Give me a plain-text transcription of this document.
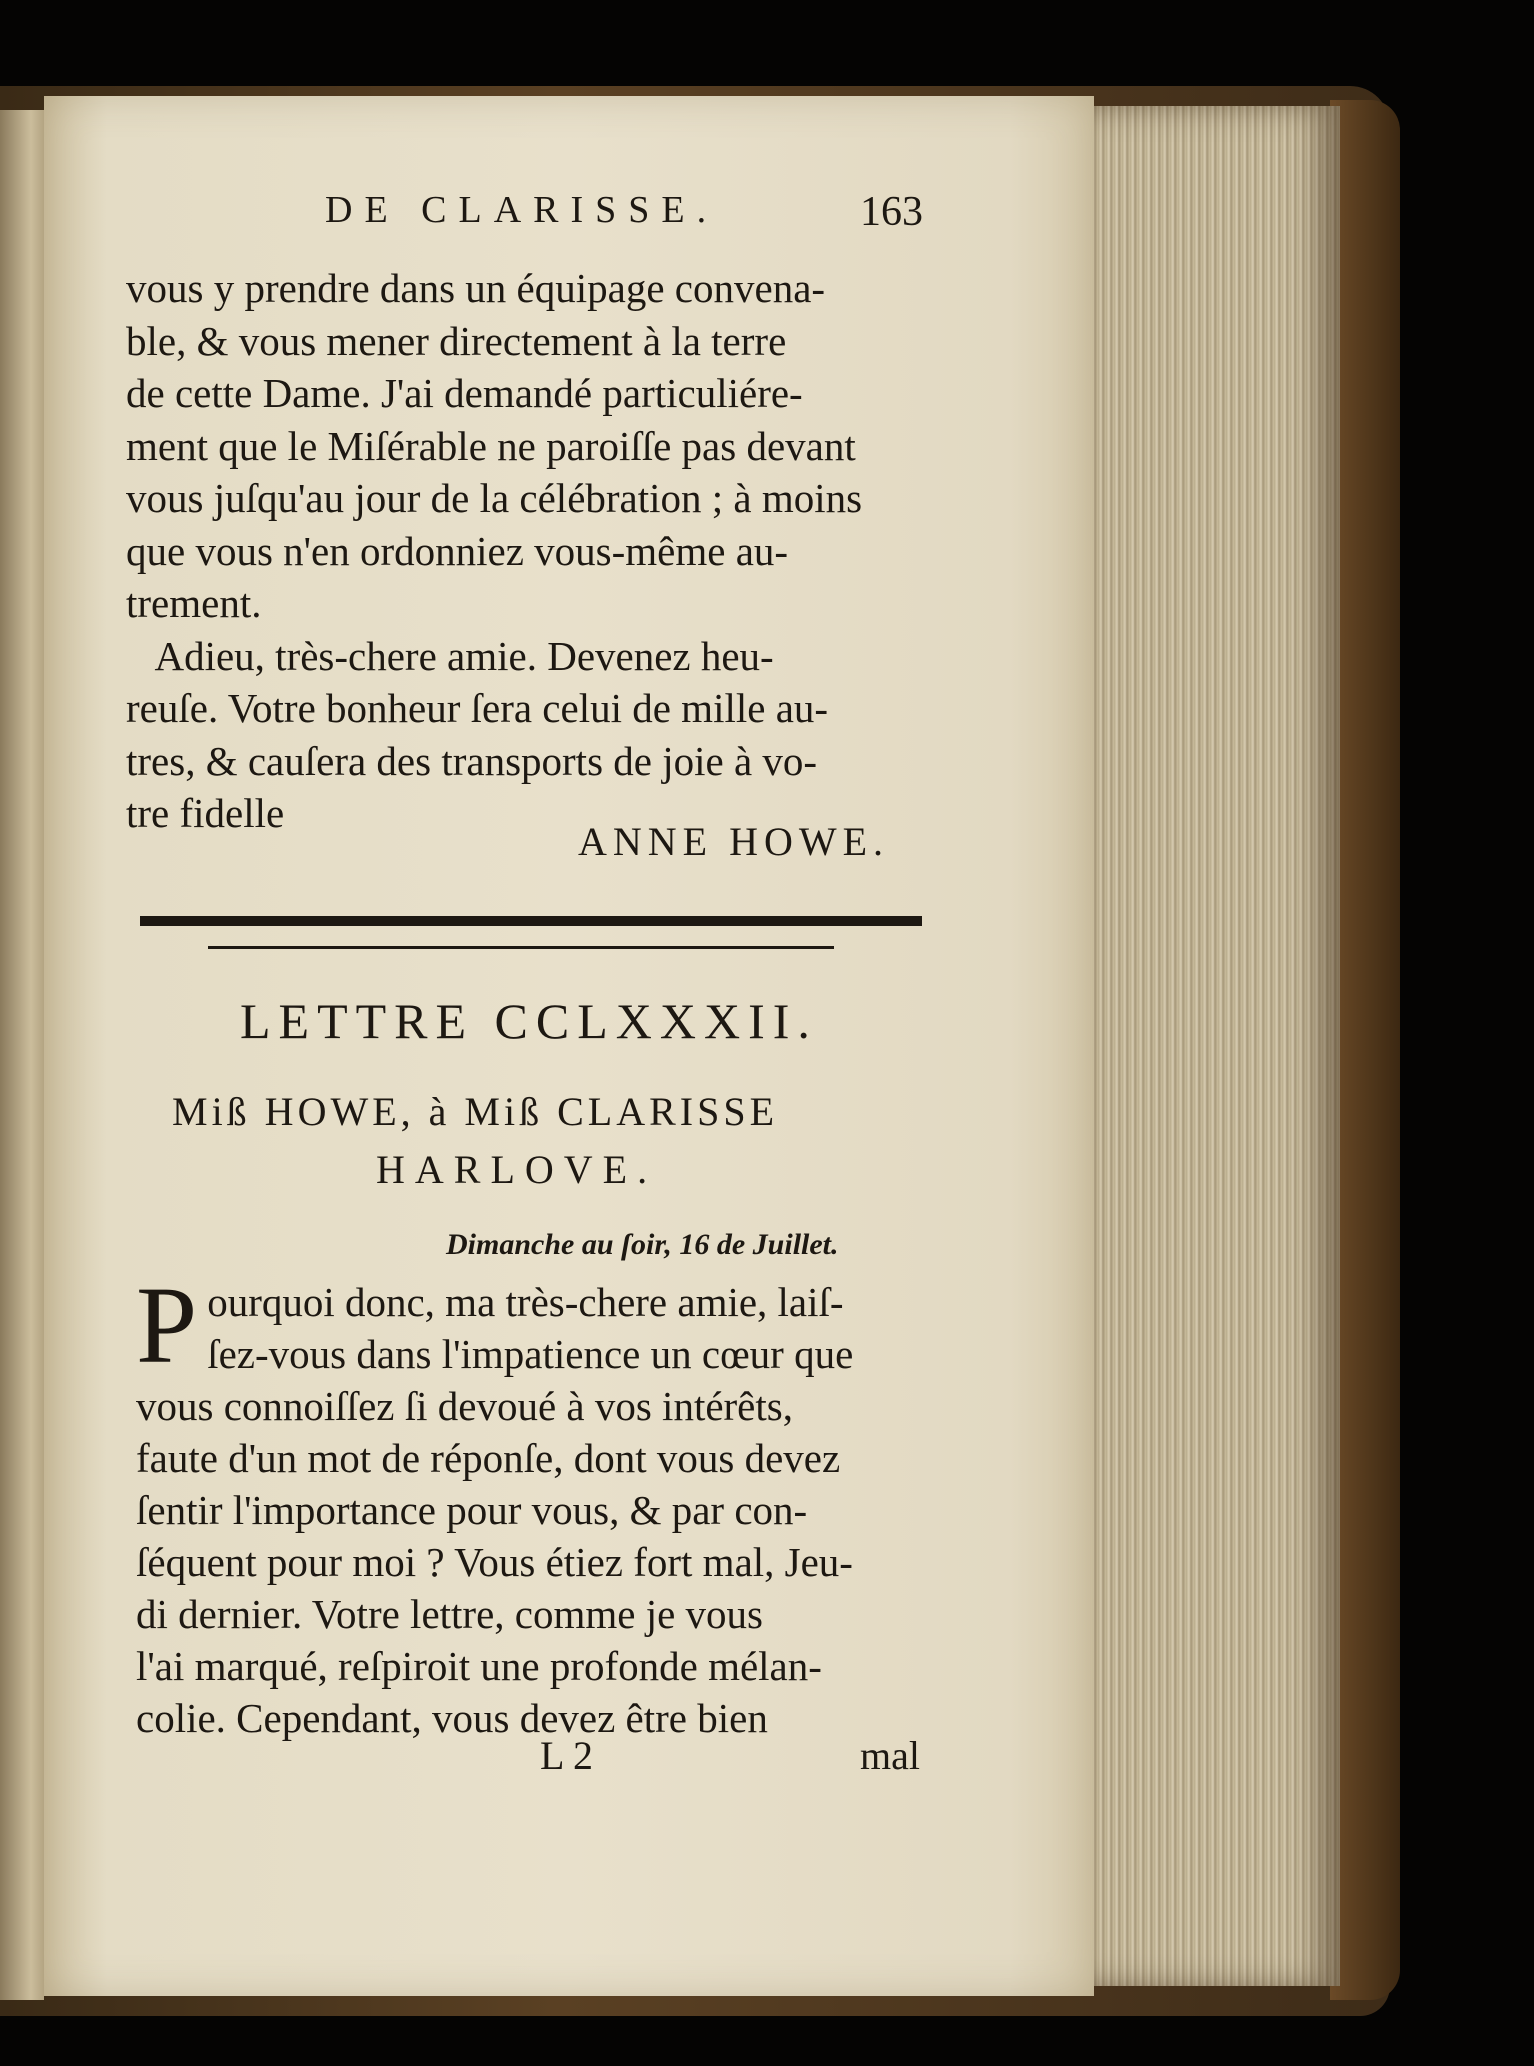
DE CLARISSE.	163
vous y prendre dans un équipage convena-
ble, & vous mener directement à la terre
de cette Dame. J'ai demandé particuliére-
ment que le Miſérable ne paroiſſe pas devant
vous juſqu'au jour de la célébration ; à moins
que vous n'en ordonniez vous-même au-
trement.
Adieu, très-chere amie. Devenez heu-
reuſe. Votre bonheur ſera celui de mille au-
tres, & cauſera des transports de joie à vo-
tre fidelle
ANNE HOWE.
LETTRE CCLXXXII.
Miß HOWE, à Miß CLARISSE
HARLOVE.
Dimanche au ſoir, 16 de Juillet.
P ourquoi donc, ma très-chere amie, laiſ-
ſez-vous dans l'impatience un cœur que
vous connoiſſez ſi devoué à vos intérêts,
faute d'un mot de réponſe, dont vous devez
ſentir l'importance pour vous, & par con-
ſéquent pour moi ? Vous étiez fort mal, Jeu-
di dernier. Votre lettre, comme je vous
l'ai marqué, reſpiroit une profonde mélan-
colie. Cependant, vous devez être bien
L 2	mal
